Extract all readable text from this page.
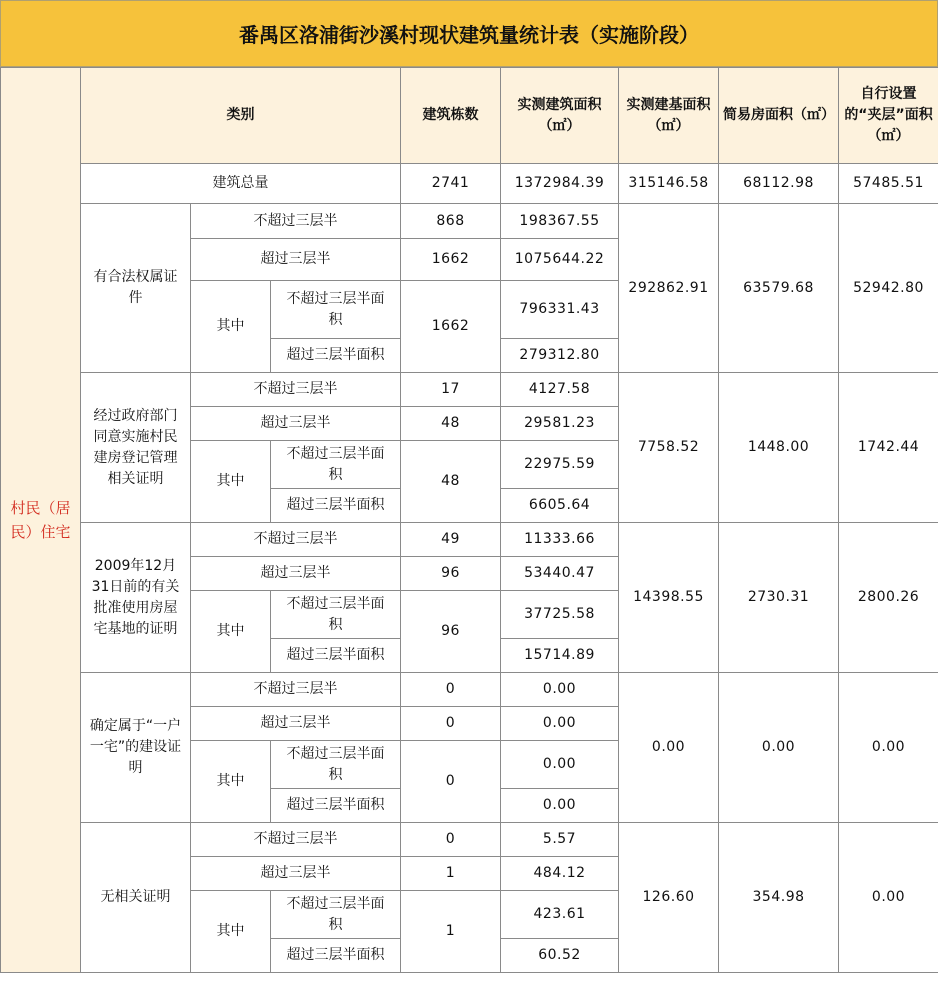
番禺区洛浦街沙溪村现状建筑量统计表（实施阶段）
村民（居民）住宅	类别			建筑栋数	实测建筑面积（㎡）	实测建基面积（㎡）	简易房面积（㎡）	自行设置的“夹层”面积（㎡）
	建筑总量			2741	1372984.39	315146.58	68112.98	57485.51
	有合法权属证件	不超过三层半		868	198367.55	292862.91	63579.68	52942.80
		超过三层半		1662	1075644.22			
		其中	不超过三层半面积	1662	796331.43			
			超过三层半面积		279312.80			
	经过政府部门同意实施村民建房登记管理相关证明	不超过三层半		17	4127.58	7758.52	1448.00	1742.44
		超过三层半		48	29581.23			
		其中	不超过三层半面积	48	22975.59			
			超过三层半面积		6605.64			
	2009年12月31日前的有关批准使用房屋宅基地的证明	不超过三层半		49	11333.66	14398.55	2730.31	2800.26
		超过三层半		96	53440.47			
		其中	不超过三层半面积	96	37725.58			
			超过三层半面积		15714.89			
	确定属于“一户一宅”的建设证明	不超过三层半		0	0.00	0.00	0.00	0.00
		超过三层半		0	0.00			
		其中	不超过三层半面积	0	0.00			
			超过三层半面积		0.00			
	无相关证明	不超过三层半		0	5.57	126.60	354.98	0.00
		超过三层半		1	484.12			
		其中	不超过三层半面积	1	423.61			
			超过三层半面积		60.52			
